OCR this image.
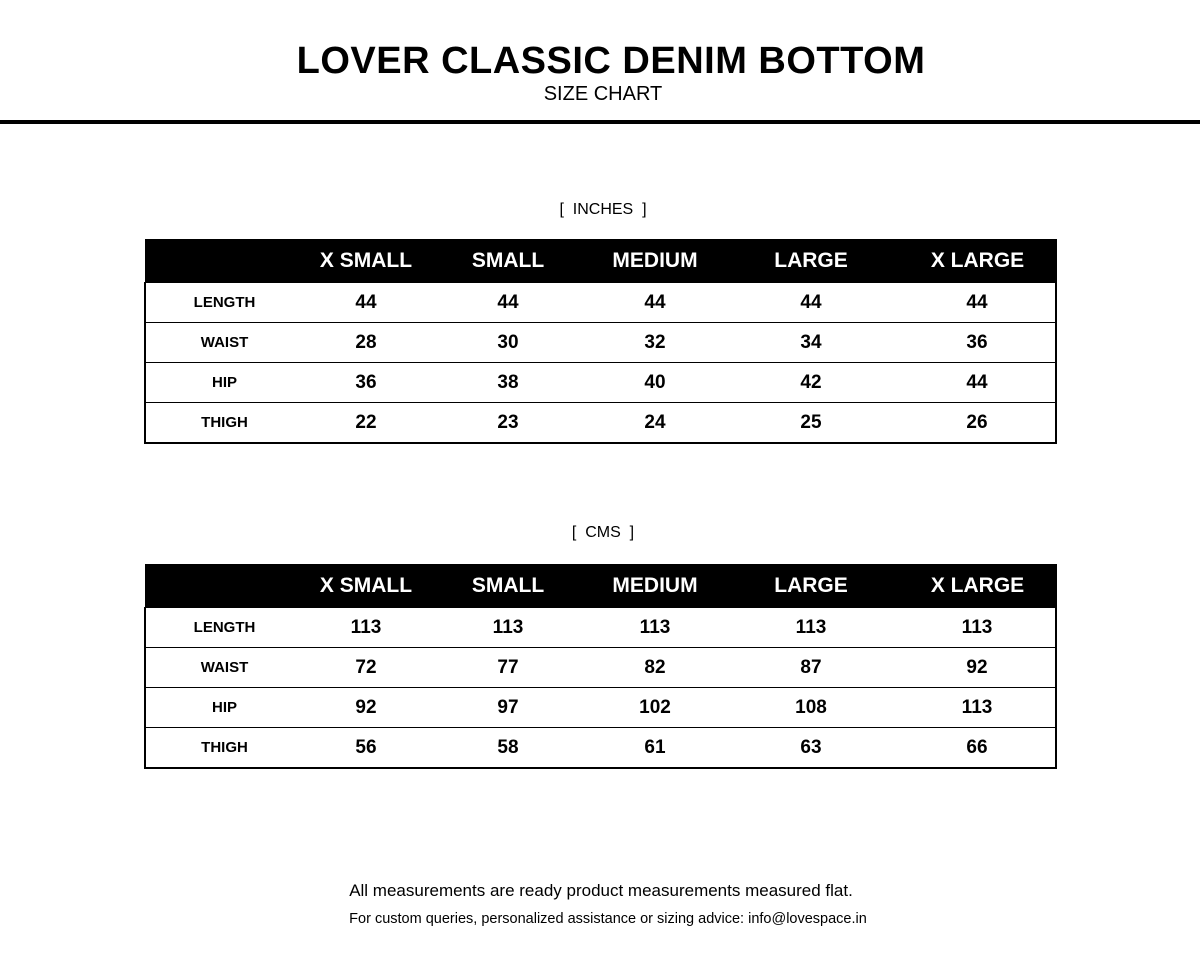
LOVER CLASSIC DENIM BOTTOM
SIZE CHART
[  INCHES  ]
	X SMALL	SMALL	MEDIUM	LARGE	X LARGE
LENGTH	44	44	44	44	44
WAIST	28	30	32	34	36
HIP	36	38	40	42	44
THIGH	22	23	24	25	26
[  CMS  ]
	X SMALL	SMALL	MEDIUM	LARGE	X LARGE
LENGTH	113	113	113	113	113
WAIST	72	77	82	87	92
HIP	92	97	102	108	113
THIGH	56	58	61	63	66
All measurements are ready product measurements measured flat.
For custom queries, personalized assistance or sizing advice: info@lovespace.in
